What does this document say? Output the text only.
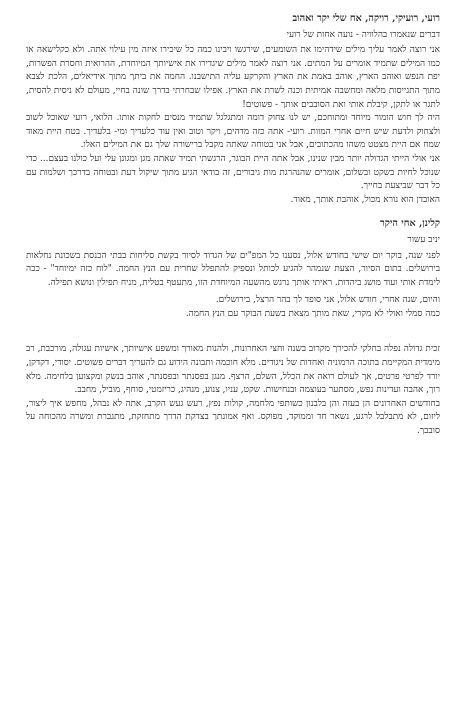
רועי, רועיקי, רויקה, אח שלי יקר ואהוב
דברים שנאמרו בהלוויה - נועה אחות של רועי

אני רוצה לאמר עליך מילים שידהימו את השומעים, שירגשו ויבינו כמה כל שיכירו איזה מין עילוי אתה. ולא כקלישאה או כמו המילים שתמיד אומרים על המתים. אני רוצה לאמר מילים שיגדירו את אישיותך המיוחדת, ההרואית וחסרת הפשרות, יפת הנפש ואוהב הארץ, אוהב באמת את הארץ והקרקע עליה התישבנו. החמה את ביתך מתוך אידיאלים, הלכת לצבא מתוך התגייסות מלאה ומחשבה אמיתית וכנה לשרת את הארץ. אפילו שבחרתי בדרך שונה בחיי, מעולם לא ניסית להסית, לתגר או לתקן, קיבלת אותי ואת הסובבים אותך - פשוטים!

היה לך חוש הומור מיוחד ומתוחכם, יש לנו צחוק דומה ומתגלגל שתמיד מנסים לחקות אותו. הלואי, רועי שאוכל לשוב ולצחוק ולדעת שיש חיים אחרי המוות. רועי- אתה כזה מדהים, ויקר וטוב ואין עוד כלעדיך ומי- בלעדיך. בטח היית מאוד שמח אם היית מצטט משהו מהכתובים, אבל אני בטוחה שאתה מקבל ברישורה שלך גם את המילים האלו.

אני אולי הייתי הגדולה יותר מבין שנינו, אבל אתה היית הבוגר, הרגשתי תמיד שאתה מגן ומגונן עלי ועל כולנו בעצם... כדי שנוכל לחיות בשקט ובשלום, אומרים שהנהרגת מות גיבורים, זה בודאי הגיע מתוך שיקול דעת ובטוחה בדרכך ושלמות עם כל דבר שביצעת בחייך.

האובדן הוא נורא מכול, אוהבת אותך, מאוד.

קלינן, אחי היקר
יניב עשור

לפני שנה, בוקר יום שישי בחודש אלול, נסענו כל המפ"ים של הגדוד לסיור בקשת סליחות בבתי הכנסת בשכונת נחלאות בירושלים. בתום הסיור, הצעת שנמהר להגיע לכותל ונספיק להתפלל שחרית עם הנץ החמה. "לוח כזה ימיוחד" - ככה לימדת אותי ועוד מושג ביהדות. ראיתי אותך נרגש מהשעה המיוחדת הזו, מתעטף בטלית, מניח תפילין ונושא תפילה.

והיום, שנה אחרי, חודש אלול, אני סופד לך בהר הרצל, בירושלים.

כמה סמלי ואולי לא מקרי, שאת מותך מצאת בשעת הבוקר עם הנץ החמה.

זכית גדולה נפלה בחלקי להכירך מקרוב בשנה וחצי האחרונות, ולהנות מאורך ומשפע אישיותך, אישיות עגולה, מורכבת, רב מימדית המקיימת בתוכה הרמוניה ואחדות של ניגודים. מלא חוכמה ותבונה הידוע גם להעריך דברים פשוטים. יסודי, דקדקן, יורד לפרטי פרטים, אך לעולם רואה את הכלל, השלם, הרצף. מנגן בפסנתר ובפסנתר, אוהב בנשק ומקצוען בלחימה. מלא רוך, אהבה ועדינות נפש, מסתער בעוצמה ובנחישות. שקט, עניו, צנוע, מנהיג, כריזמטי, סוחף, מוביל, מחבב.

בחודשים האחרונים הן בעזה והן בלבנון כשותפי מלחמה, קולות נפץ, רעש געש הקרב, אתה לא נבהל, מחפש איך ליצור, ליזום, לא מתבלבל לרגע, נשאר חד וממוקד, מפוקס. ואף אמונתך בצדקת הדרך מתחזקת, מתגברת ומשרה מהכוחה על סובבך.
